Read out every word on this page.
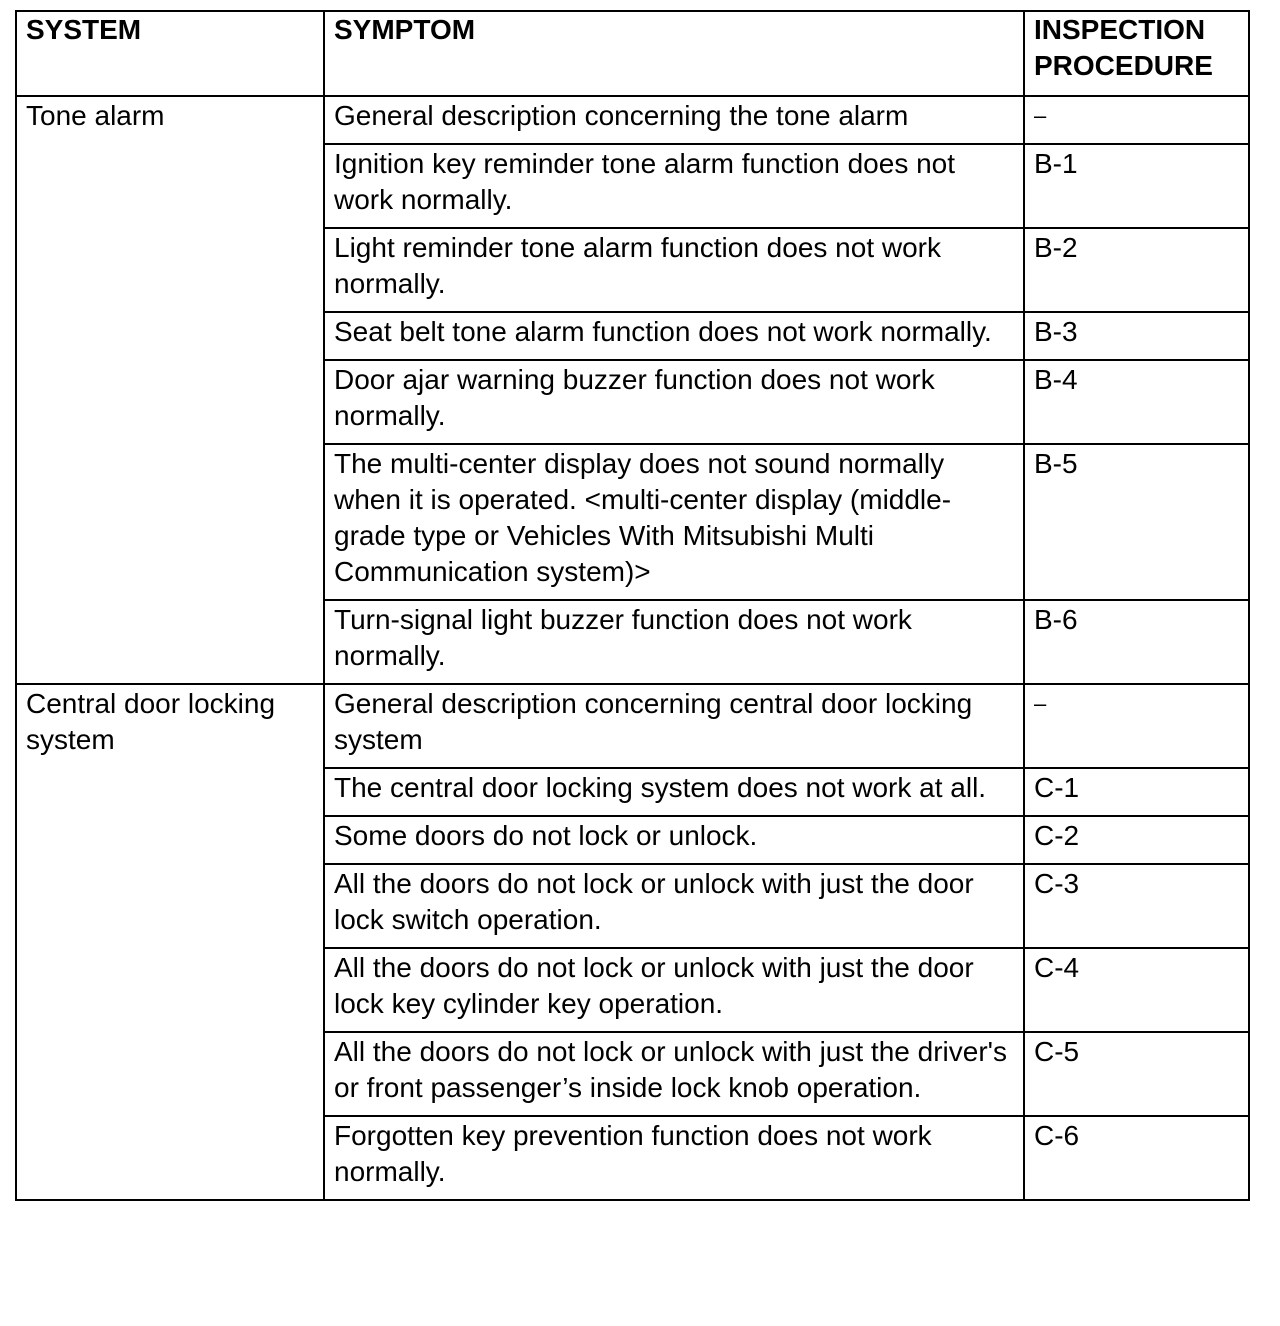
SYSTEM	SYMPTOM	INSPECTION PROCEDURE
Tone alarm	General description concerning the tone alarm	–
	Ignition key reminder tone alarm function does not work normally.	B-1
	Light reminder tone alarm function does not work normally.	B-2
	Seat belt tone alarm function does not work normally.	B-3
	Door ajar warning buzzer function does not work normally.	B-4
	The multi-center display does not sound normally when it is operated. <multi-center display (middle-grade type or Vehicles With Mitsubishi Multi Communication system)>	B-5
	Turn-signal light buzzer function does not work normally.	B-6
Central door locking system	General description concerning central door locking system	–
	The central door locking system does not work at all.	C-1
	Some doors do not lock or unlock.	C-2
	All the doors do not lock or unlock with just the door lock switch operation.	C-3
	All the doors do not lock or unlock with just the door lock key cylinder key operation.	C-4
	All the doors do not lock or unlock with just the driver's or front passenger’s inside lock knob operation.	C-5
	Forgotten key prevention function does not work normally.	C-6
